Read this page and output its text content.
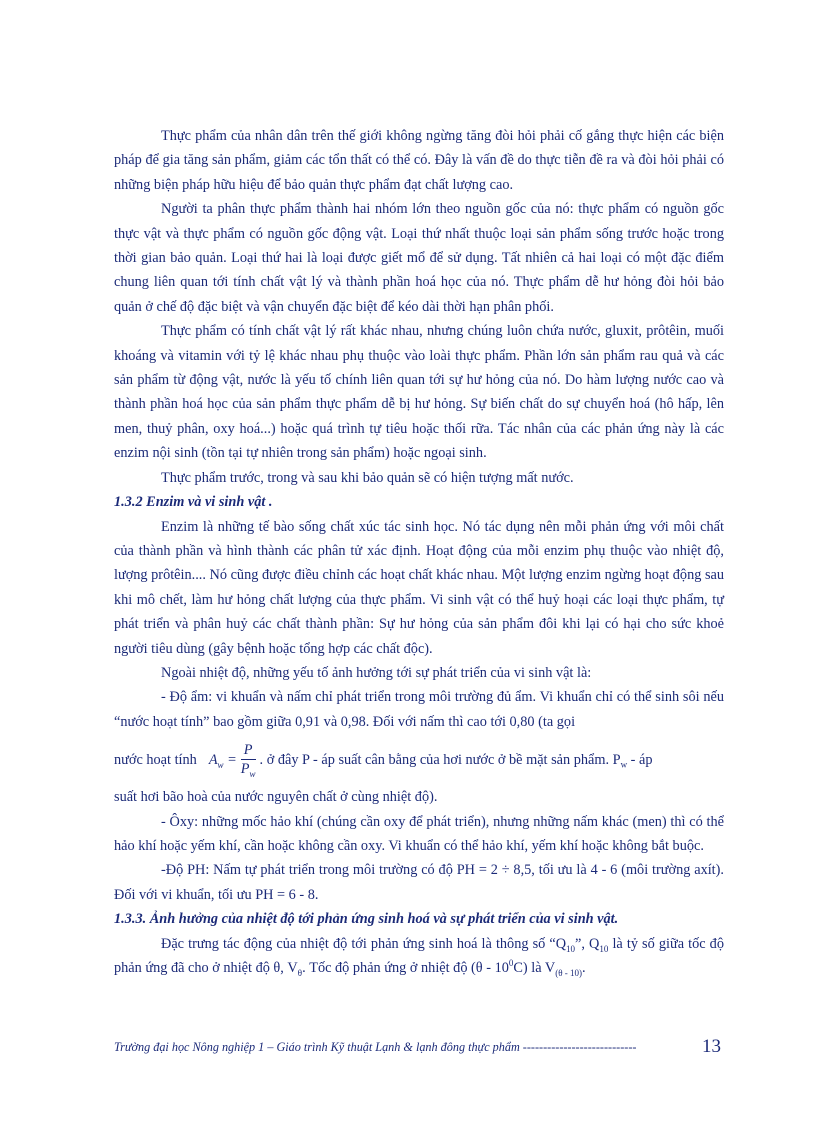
Thực phẩm của nhân dân trên thế giới không ngừng tăng đòi hỏi phải cố gắng thực hiện các biện pháp để gia tăng sản phẩm, giảm các tổn thất có thể có. Đây là vấn đề do thực tiễn đề ra và đòi hỏi phải có những biện pháp hữu hiệu để bảo quản thực phẩm đạt chất lượng cao.

Người ta phân thực phẩm thành hai nhóm lớn theo nguồn gốc của nó: thực phẩm có nguồn gốc thực vật và thực phẩm có nguồn gốc động vật. Loại thứ nhất thuộc loại sản phẩm sống trước hoặc trong thời gian bảo quản. Loại thứ hai là loại được giết mổ để sử dụng. Tất nhiên cả hai loại có một đặc điểm chung liên quan tới tính chất vật lý và thành phần hoá học của nó. Thực phẩm dễ hư hỏng đòi hỏi bảo quản ở chế độ đặc biệt và vận chuyển đặc biệt để kéo dài thời hạn phân phối.

Thực phẩm có tính chất vật lý rất khác nhau, nhưng chúng luôn chứa nước, gluxit, prôtêin, muối khoáng và vitamin với tỷ lệ khác nhau phụ thuộc vào loài thực phẩm. Phần lớn sản phẩm rau quả và các sản phẩm từ động vật, nước là yếu tố chính liên quan tới sự hư hỏng của nó. Do hàm lượng nước cao và thành phần hoá học của sản phẩm thực phẩm dễ bị hư hỏng. Sự biến chất do sự chuyển hoá (hô hấp, lên men, thuỷ phân, oxy hoá...) hoặc quá trình tự tiêu hoặc thối rữa. Tác nhân của các phản ứng này là các enzim nội sinh (tồn tại tự nhiên trong sản phẩm) hoặc ngoại sinh.

Thực phẩm trước, trong và sau khi bảo quản sẽ có hiện tượng mất nước.

1.3.2 Enzim và vi sinh vật .

Enzim là những tế bào sống chất xúc tác sinh học. Nó tác dụng nên mỗi phản ứng với môi chất của thành phần và hình thành các phân tử xác định. Hoạt động của mỗi enzim phụ thuộc vào nhiệt độ, lượng prôtêin.... Nó cũng được điều chỉnh các hoạt chất khác nhau. Một lượng enzim ngừng hoạt động sau khi mô chết, làm hư hỏng chất lượng của thực phẩm. Vi sinh vật có thể huỷ hoại các loại thực phẩm, tự phát triển và phân huỷ các chất thành phần: Sự hư hỏng của sản phẩm đôi khi lại có hại cho sức khoẻ người tiêu dùng (gây bệnh hoặc tổng hợp các chất độc).

Ngoài nhiệt độ, những yếu tố ảnh hưởng tới sự phát triển của vi sinh vật là:

- Độ ẩm: vi khuẩn và nấm chỉ phát triển trong môi trường đủ ẩm. Vi khuẩn chỉ có thể sinh sôi nếu “nước hoạt tính” bao gồm giữa 0,91 và 0,98. Đối với nấm thì cao tới 0,80 (ta gọi

nước hoạt tính $A_w = \frac{P}{P_w}$ . ở đây P - áp suất cân bằng của hơi nước ở bề mặt sản phẩm. $P_w$ - áp

suất hơi bão hoà của nước nguyên chất ở cùng nhiệt độ).

- Ôxy: những mốc hảo khí (chúng cần oxy để phát triển), nhưng những nấm khác (men) thì có thể hảo khí hoặc yếm khí, cần hoặc không cần oxy. Vi khuẩn có thể hảo khí, yếm khí hoặc không bắt buộc.

-Độ PH: Nấm tự phát triển trong môi trường có độ PH = 2 ÷ 8,5, tối ưu là 4 - 6 (môi trường axít). Đối với vi khuẩn, tối ưu PH = 6 - 8.

1.3.3. Ảnh hưởng của nhiệt độ tới phản ứng sinh hoá và sự phát triển của vi sinh vật.

Đặc trưng tác động của nhiệt độ tới phản ứng sinh hoá là thông số “$Q_{10}$”, $Q_{10}$ là tỷ số giữa tốc độ phản ứng đã cho ở nhiệt độ θ, $V_\theta$. Tốc độ phản ứng ở nhiệt độ $(\theta - 10^0C)$ là $V_{(\theta - 10)}$.

Trường đại học Nông nghiệp 1 – Giáo trình Kỹ thuật Lạnh & lạnh đông thực phẩm ----------------------------	13
